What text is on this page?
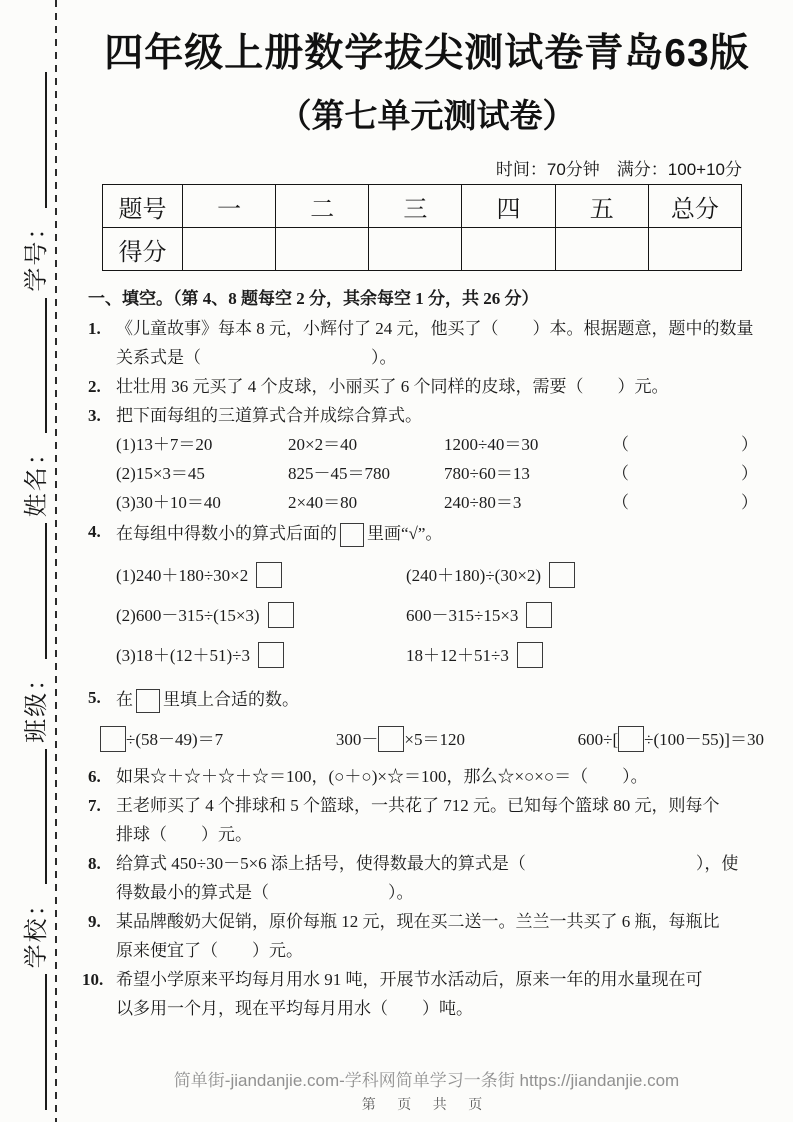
学校：
班级：
姓名：
学号：
四年级上册数学拔尖测试卷青岛63版
（第七单元测试卷）
时间：70分钟　满分：100+10分
题号	一	二	三	四	五	总分
得分						
一、填空。（第 4、8 题每空 2 分，其余每空 1 分，共 26 分）
1. 《儿童故事》每本 8 元，小辉付了 24 元，他买了（　　）本。根据题意，题中的数量
关系式是（　　　　　　　　　　）。
2. 壮壮用 36 元买了 4 个皮球，小丽买了 6 个同样的皮球，需要（　　）元。
3. 把下面每组的三道算式合并成综合算式。
(1)13＋7＝20	20×2＝40	1200÷40＝30	（	）
(2)15×3＝45	825－45＝780	780÷60＝13	（	）
(3)30＋10＝40	2×40＝80	240÷80＝3	（	）
4. 在每组中得数小的算式后面的 里画“√”。
(1)240＋180÷30×2	(240＋180)÷(30×2)
(2)600－315÷(15×3)	600－315÷15×3
(3)18＋(12＋51)÷3	18＋12＋51÷3
5. 在 里填上合适的数。
÷(58－49)＝7	300－ ×5＝120	600÷[ ÷(100－55)]＝30
6. 如果☆＋☆＋☆＋☆＝100，(○＋○)×☆＝100，那么☆×○×○＝（　　）。
7. 王老师买了 4 个排球和 5 个篮球，一共花了 712 元。已知每个篮球 80 元，则每个
排球（　　）元。
8. 给算式 450÷30－5×6 添上括号，使得数最大的算式是（　　　　　　　　　　），使
得数最小的算式是（　　　　　　　）。
9. 某品牌酸奶大促销，原价每瓶 12 元，现在买二送一。兰兰一共买了 6 瓶，每瓶比
原来便宜了（　　）元。
10. 希望小学原来平均每月用水 91 吨，开展节水活动后，原来一年的用水量现在可
以多用一个月，现在平均每月用水（　　）吨。
简单街-jiandanjie.com-学科网简单学习一条街 https://jiandanjie.com
第 页 共 页
